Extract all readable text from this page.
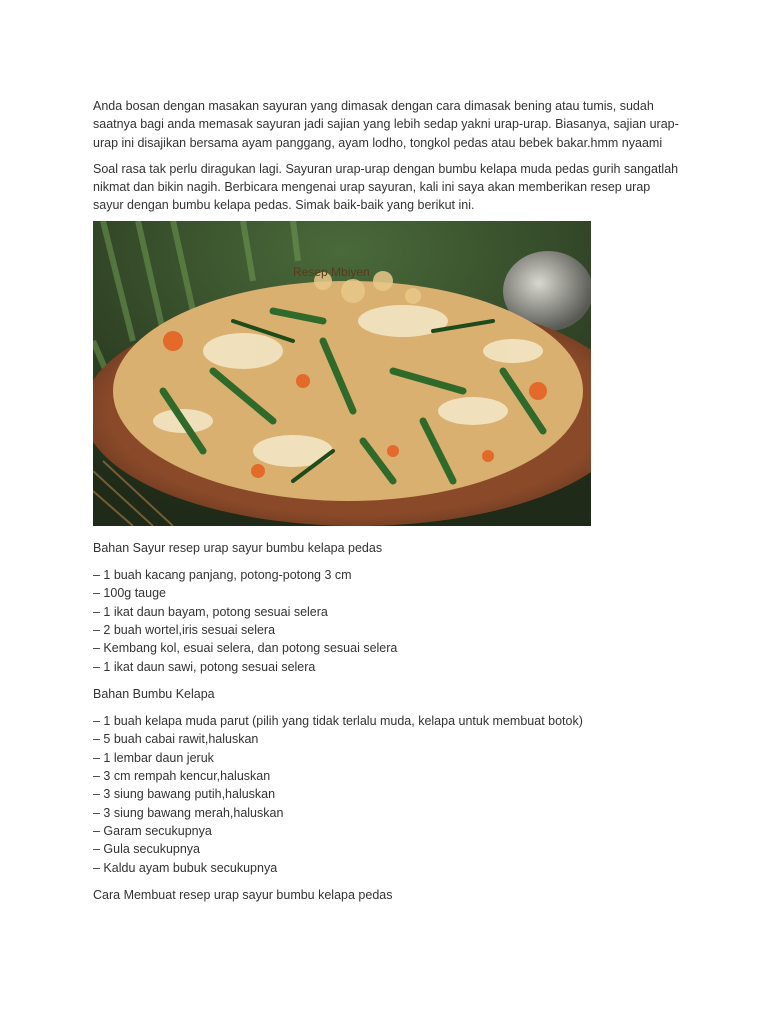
Anda bosan dengan masakan sayuran yang dimasak dengan cara dimasak bening atau tumis, sudah saatnya bagi anda memasak sayuran jadi sajian yang lebih sedap yakni urap-urap. Biasanya, sajian urap-urap ini disajikan bersama ayam panggang, ayam lodho, tongkol pedas atau bebek bakar.hmm nyaami

Soal rasa tak perlu diragukan lagi. Sayuran urap-urap dengan bumbu kelapa muda pedas gurih sangatlah nikmat dan bikin nagih. Berbicara mengenai urap sayuran, kali ini saya akan memberikan resep urap sayur dengan bumbu kelapa pedas. Simak baik-baik yang berikut ini.

Resep Mbiyen

Bahan Sayur resep urap sayur bumbu kelapa pedas

– 1 buah kacang panjang, potong-potong 3 cm
– 100g tauge
– 1 ikat daun bayam, potong sesuai selera
– 2 buah wortel,iris sesuai selera
– Kembang kol, esuai selera, dan potong sesuai selera
– 1 ikat daun sawi, potong sesuai selera

Bahan Bumbu Kelapa

– 1 buah kelapa muda parut (pilih yang tidak terlalu muda, kelapa untuk membuat botok)
– 5 buah cabai rawit,haluskan
– 1 lembar daun jeruk
– 3 cm rempah kencur,haluskan
– 3 siung bawang putih,haluskan
– 3 siung bawang merah,haluskan
– Garam secukupnya
– Gula secukupnya
– Kaldu ayam bubuk secukupnya

Cara Membuat resep urap sayur bumbu kelapa pedas
